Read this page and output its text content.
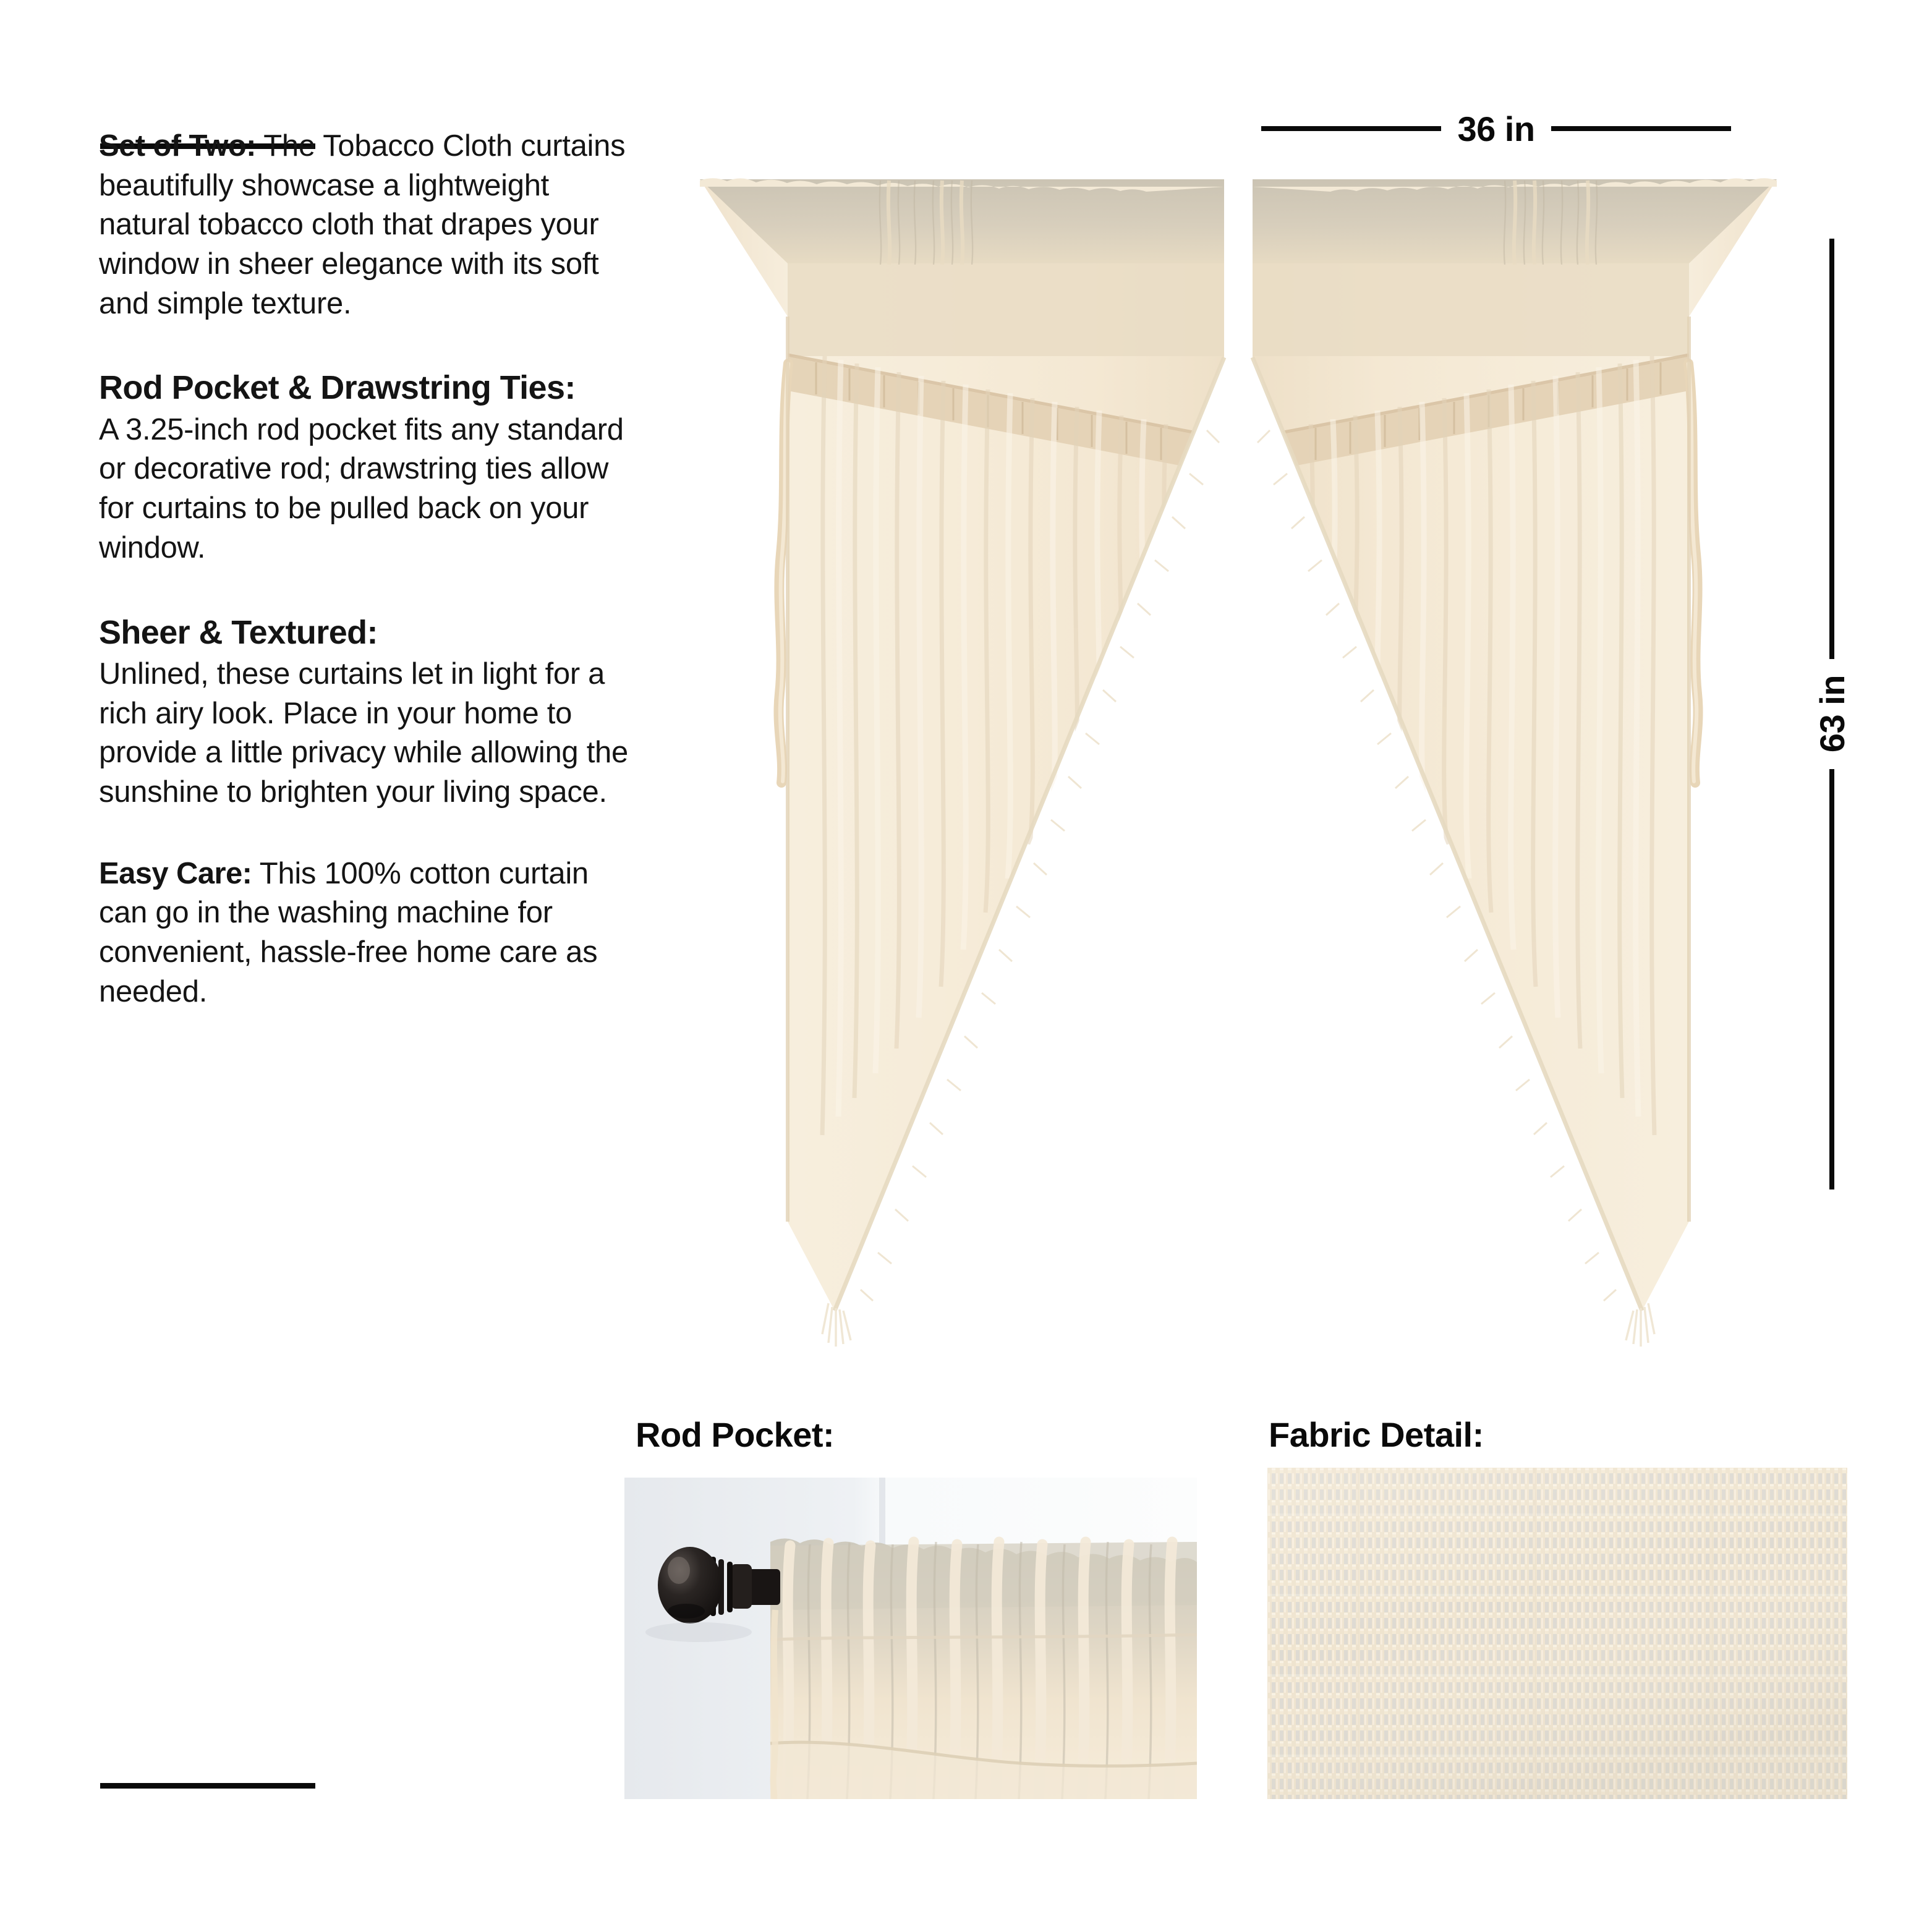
Set of Two: The Tobacco Cloth curtains beautifully showcase a lightweight natural tobacco cloth that drapes your window in sheer elegance with its soft and simple texture.

Rod Pocket & Drawstring Ties:
A 3.25-inch rod pocket fits any standard or decorative rod; drawstring ties allow for curtains to be pulled back on your window.

Sheer & Textured:
Unlined, these curtains let in light for a rich airy look. Place in your home to provide a little privacy while allowing the sunshine to brighten your living space.

Easy Care: This 100% cotton curtain can go in the washing machine for convenient, hassle-free home care as needed.

36 in
63 in
Rod Pocket:	Fabric Detail:
